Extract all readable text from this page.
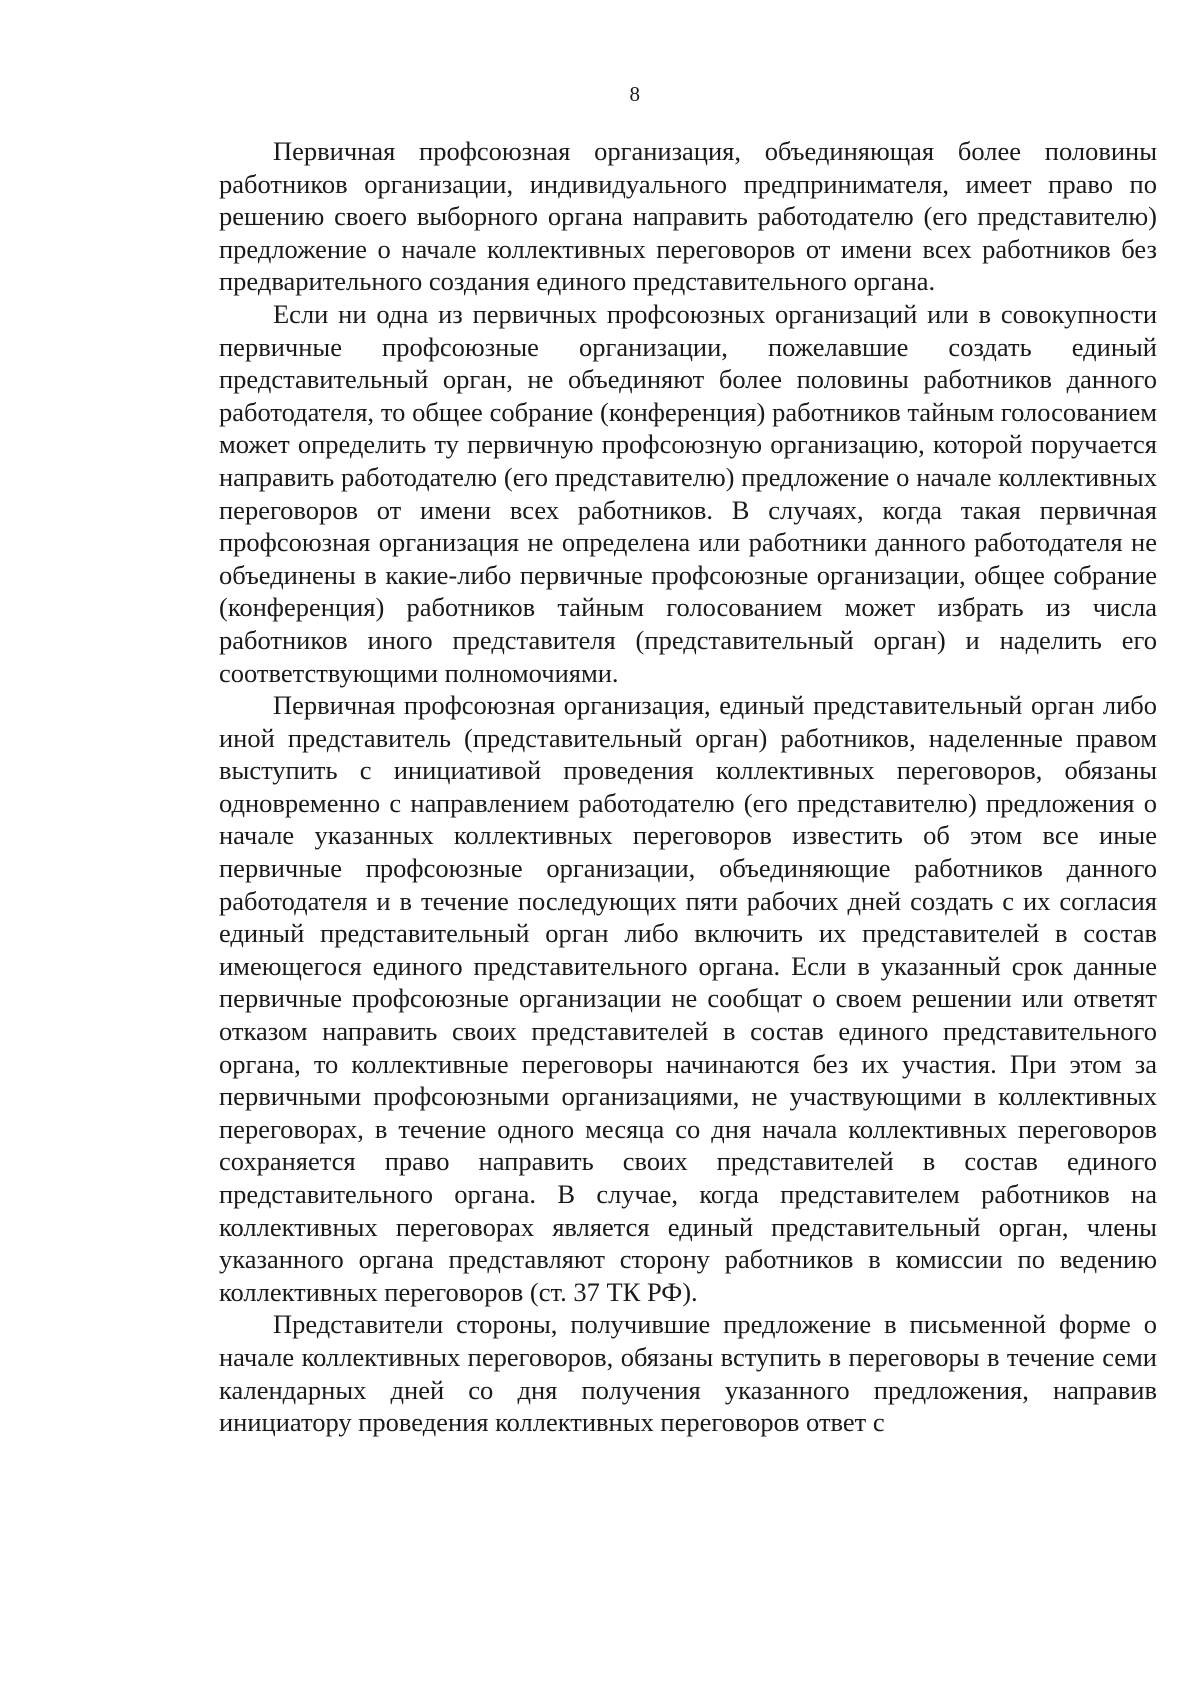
8

Первичная профсоюзная организация, объединяющая более половины работников организации, индивидуального предпринимателя, имеет право по решению своего выборного органа направить работодателю (его представителю) предложение о начале коллективных переговоров от имени всех работников без предварительного создания единого представительного органа.

Если ни одна из первичных профсоюзных организаций или в совокупности первичные профсоюзные организации, пожелавшие создать единый представительный орган, не объединяют более половины работников данного работодателя, то общее собрание (конференция) работников тайным голосованием может определить ту первичную профсоюзную организацию, которой поручается направить работодателю (его представителю) предложение о начале коллективных переговоров от имени всех работников. В случаях, когда такая первичная профсоюзная организация не определена или работники данного работодателя не объединены в какие-либо первичные профсоюзные организации, общее собрание (конференция) работников тайным голосованием может избрать из числа работников иного представителя (представительный орган) и наделить его соответствующими полномочиями.

Первичная профсоюзная организация, единый представительный орган либо иной представитель (представительный орган) работников, наделенные правом выступить с инициативой проведения коллективных переговоров, обязаны одновременно с направлением работодателю (его представителю) предложения о начале указанных коллективных переговоров известить об этом все иные первичные профсоюзные организации, объединяющие работников данного работодателя и в течение последующих пяти рабочих дней создать с их согласия единый представительный орган либо включить их представителей в состав имеющегося единого представительного органа. Если в указанный срок данные первичные профсоюзные организации не сообщат о своем решении или ответят отказом направить своих представителей в состав единого представительного органа, то коллективные переговоры начинаются без их участия. При этом за первичными профсоюзными организациями, не участвующими в коллективных переговорах, в течение одного месяца со дня начала коллективных переговоров сохраняется право направить своих представителей в состав единого представительного органа. В случае, когда представителем работников на коллективных переговорах является единый представительный орган, члены указанного органа представляют сторону работников в комиссии по ведению коллективных переговоров (ст. 37 ТК РФ).

Представители стороны, получившие предложение в письменной форме о начале коллективных переговоров, обязаны вступить в переговоры в течение семи календарных дней со дня получения указанного предложения, направив инициатору проведения коллективных переговоров ответ с
